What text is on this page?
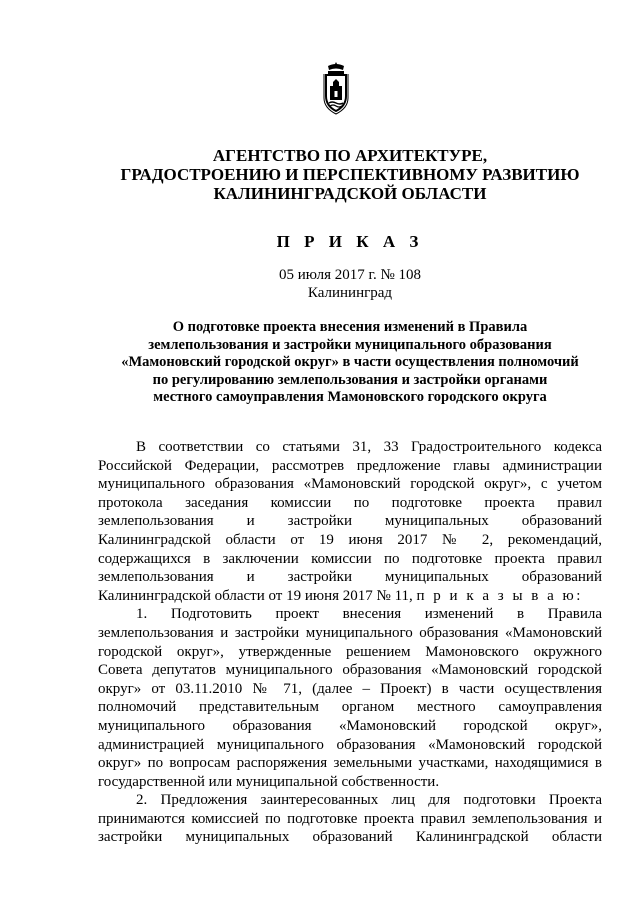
АГЕНТСТВО ПО АРХИТЕКТУРЕ,
ГРАДОСТРОЕНИЮ И ПЕРСПЕКТИВНОМУ РАЗВИТИЮ
КАЛИНИНГРАДСКОЙ ОБЛАСТИ
П Р И К А З
05 июля 2017 г. № 108
Калининград
О подготовке проекта внесения изменений в Правила
землепользования и застройки муниципального образования
«Мамоновский городской округ» в части осуществления полномочий
по регулированию землепользования и застройки органами
местного самоуправления Мамоновского городского округа
В соответствии со статьями 31, 33 Градостроительного кодекса
Российской Федерации, рассмотрев предложение главы администрации
муниципального образования «Мамоновский городской округ», с учетом
протокола заседания комиссии по подготовке проекта правил
землепользования и застройки муниципальных образований
Калининградской области от 19 июня 2017 № 2, рекомендаций,
содержащихся в заключении комиссии по подготовке проекта правил
землепользования и застройки муниципальных образований
Калининградской области от 19 июня 2017 № 11, п р и к а з ы в а ю:
1. Подготовить проект внесения изменений в Правила
землепользования и застройки муниципального образования «Мамоновский
городской округ», утвержденные решением Мамоновского окружного
Совета депутатов муниципального образования «Мамоновский городской
округ» от 03.11.2010 № 71, (далее – Проект) в части осуществления
полномочий представительным органом местного самоуправления
муниципального образования «Мамоновский городской округ»,
администрацией муниципального образования «Мамоновский городской
округ» по вопросам распоряжения земельными участками, находящимися в
государственной или муниципальной собственности.
2. Предложения заинтересованных лиц для подготовки Проекта
принимаются комиссией по подготовке проекта правил землепользования и
застройки муниципальных образований Калининградской области
